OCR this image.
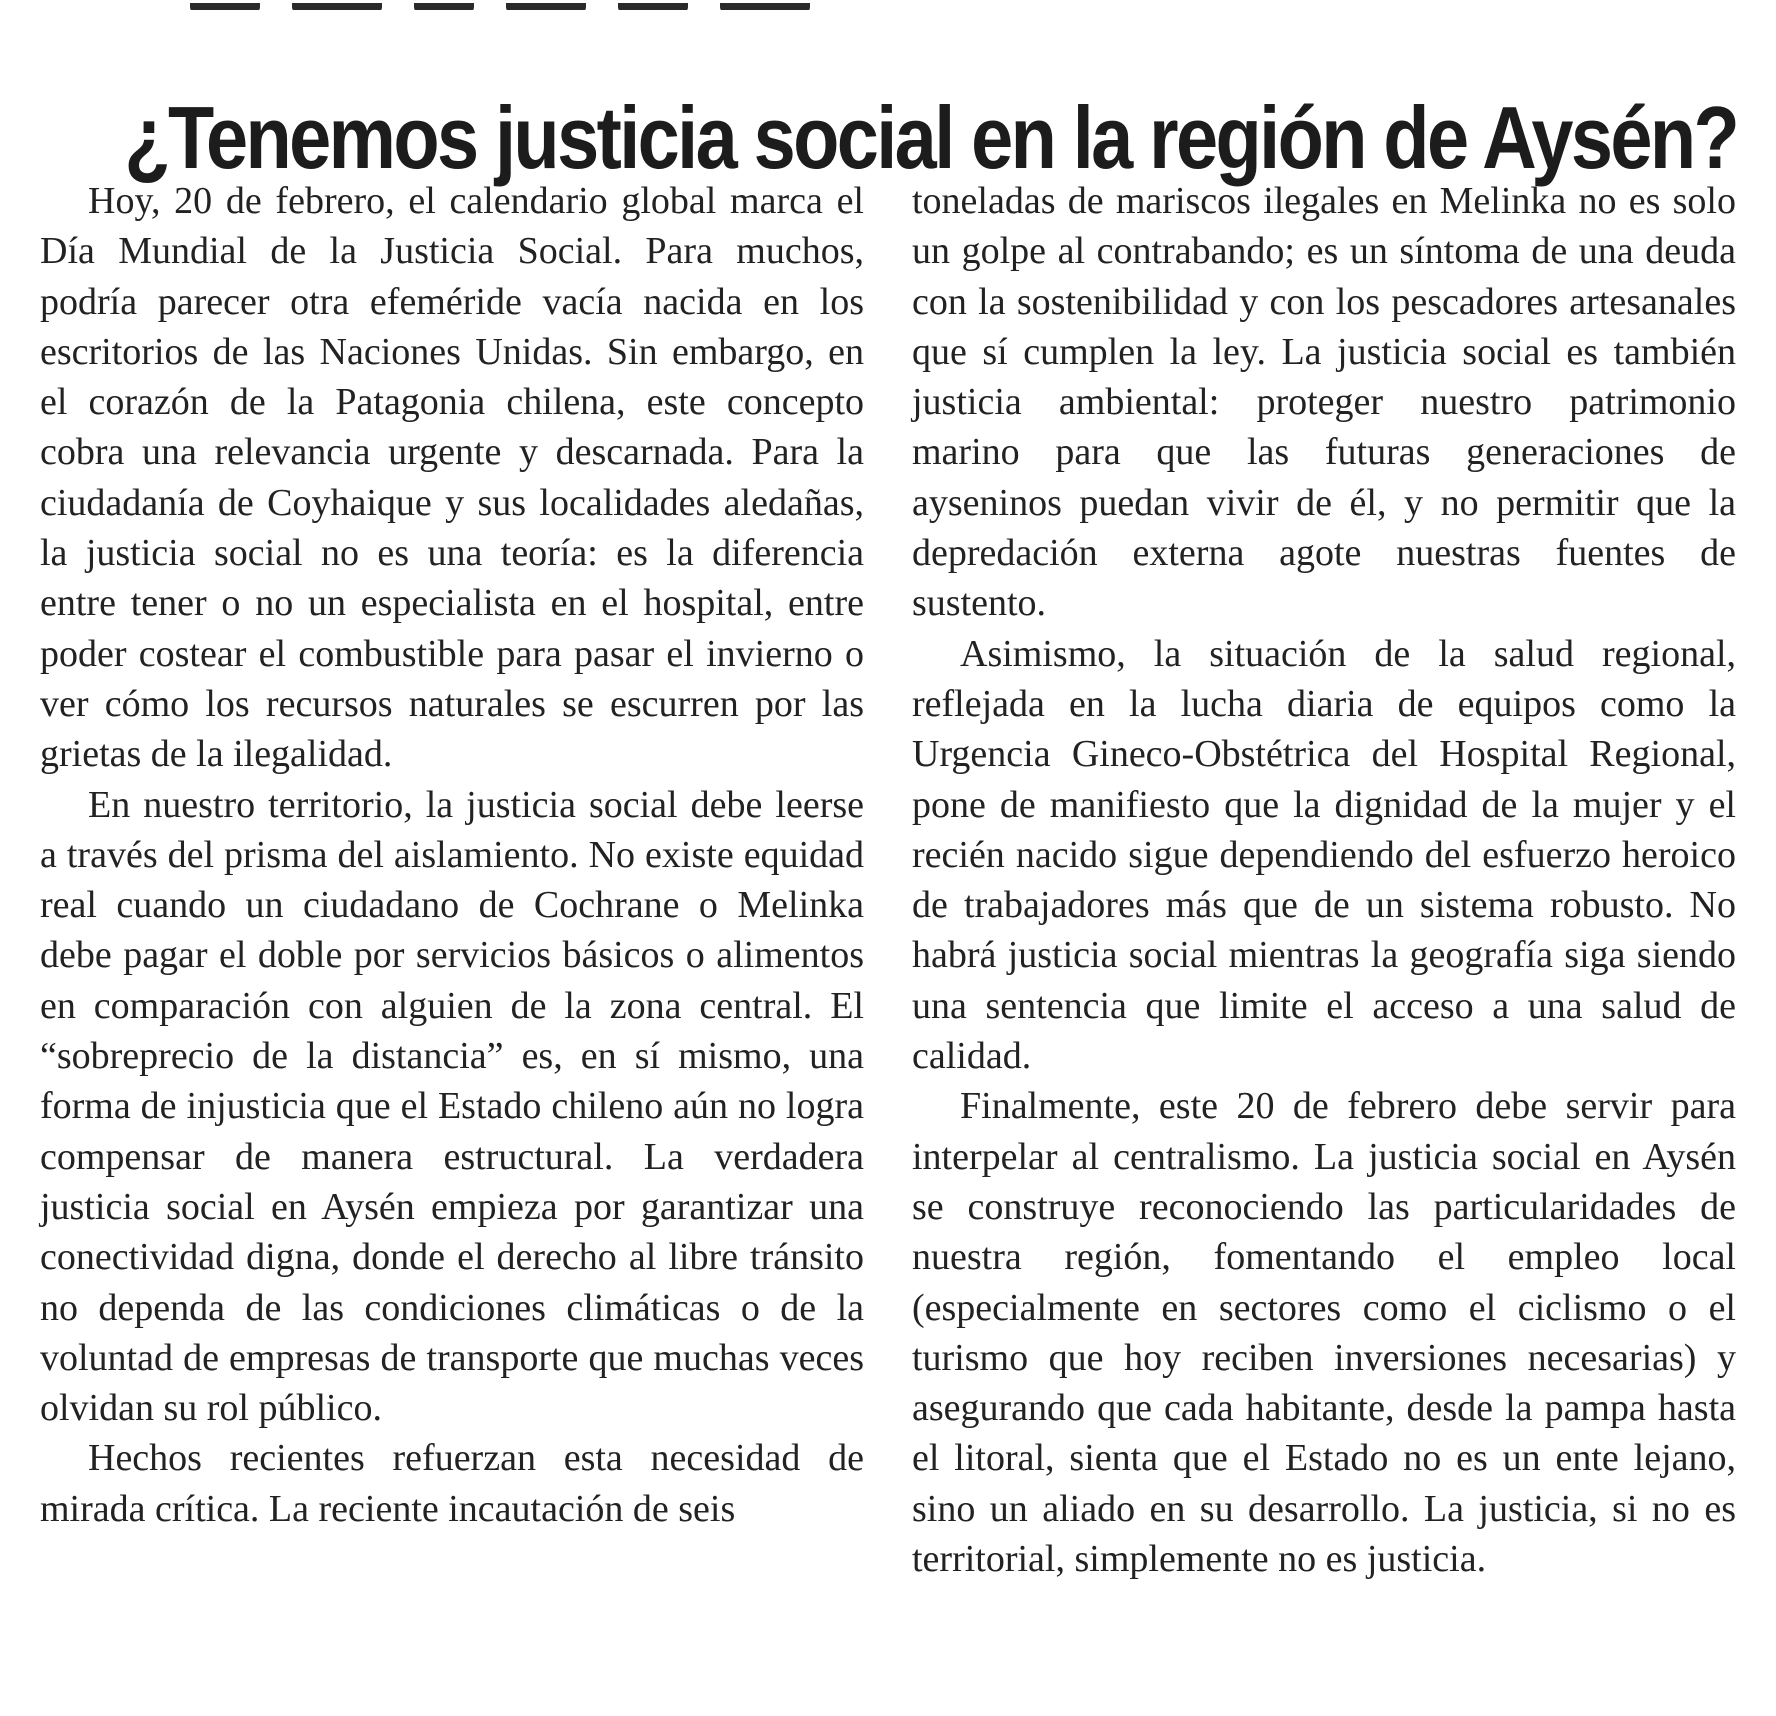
¿Tenemos justicia social en la región de Aysén?

Hoy, 20 de febrero, el calendario global marca el Día Mundial de la Justicia Social. Para muchos, podría parecer otra efeméride vacía nacida en los escritorios de las Naciones Unidas. Sin embargo, en el corazón de la Patagonia chilena, este concepto cobra una relevancia urgente y descarnada. Para la ciudadanía de Coyhaique y sus localidades aledañas, la justicia social no es una teoría: es la diferencia entre tener o no un especialista en el hospital, entre poder costear el combustible para pasar el invierno o ver cómo los recursos naturales se escurren por las grietas de la ilegalidad.

En nuestro territorio, la justicia social debe leerse a través del prisma del aislamiento. No existe equidad real cuando un ciudadano de Cochrane o Melinka debe pagar el doble por servicios básicos o alimentos en comparación con alguien de la zona central. El “sobreprecio de la distancia” es, en sí mismo, una forma de injusticia que el Estado chileno aún no logra compensar de manera estructural. La verdadera justicia social en Aysén empieza por garantizar una conectividad digna, donde el derecho al libre tránsito no dependa de las condiciones climáticas o de la voluntad de empresas de transporte que muchas veces olvidan su rol público.

Hechos recientes refuerzan esta necesidad de mirada crítica. La reciente incautación de seis

toneladas de mariscos ilegales en Melinka no es solo un golpe al contrabando; es un síntoma de una deuda con la sostenibilidad y con los pescadores artesanales que sí cumplen la ley. La justicia social es también justicia ambiental: proteger nuestro patrimonio marino para que las futuras generaciones de ayseninos puedan vivir de él, y no permitir que la depredación externa agote nuestras fuentes de sustento.

Asimismo, la situación de la salud regional, reflejada en la lucha diaria de equipos como la Urgencia Gineco-Obstétrica del Hospital Regional, pone de manifiesto que la dignidad de la mujer y el recién nacido sigue dependiendo del esfuerzo heroico de trabajadores más que de un sistema robusto. No habrá justicia social mientras la geografía siga siendo una sentencia que limite el acceso a una salud de calidad.

Finalmente, este 20 de febrero debe servir para interpelar al centralismo. La justicia social en Aysén se construye reconociendo las particularidades de nuestra región, fomentando el empleo local (especialmente en sectores como el ciclismo o el turismo que hoy reciben inversiones necesarias) y asegurando que cada habitante, desde la pampa hasta el litoral, sienta que el Estado no es un ente lejano, sino un aliado en su desarrollo. La justicia, si no es territorial, simplemente no es justicia.
